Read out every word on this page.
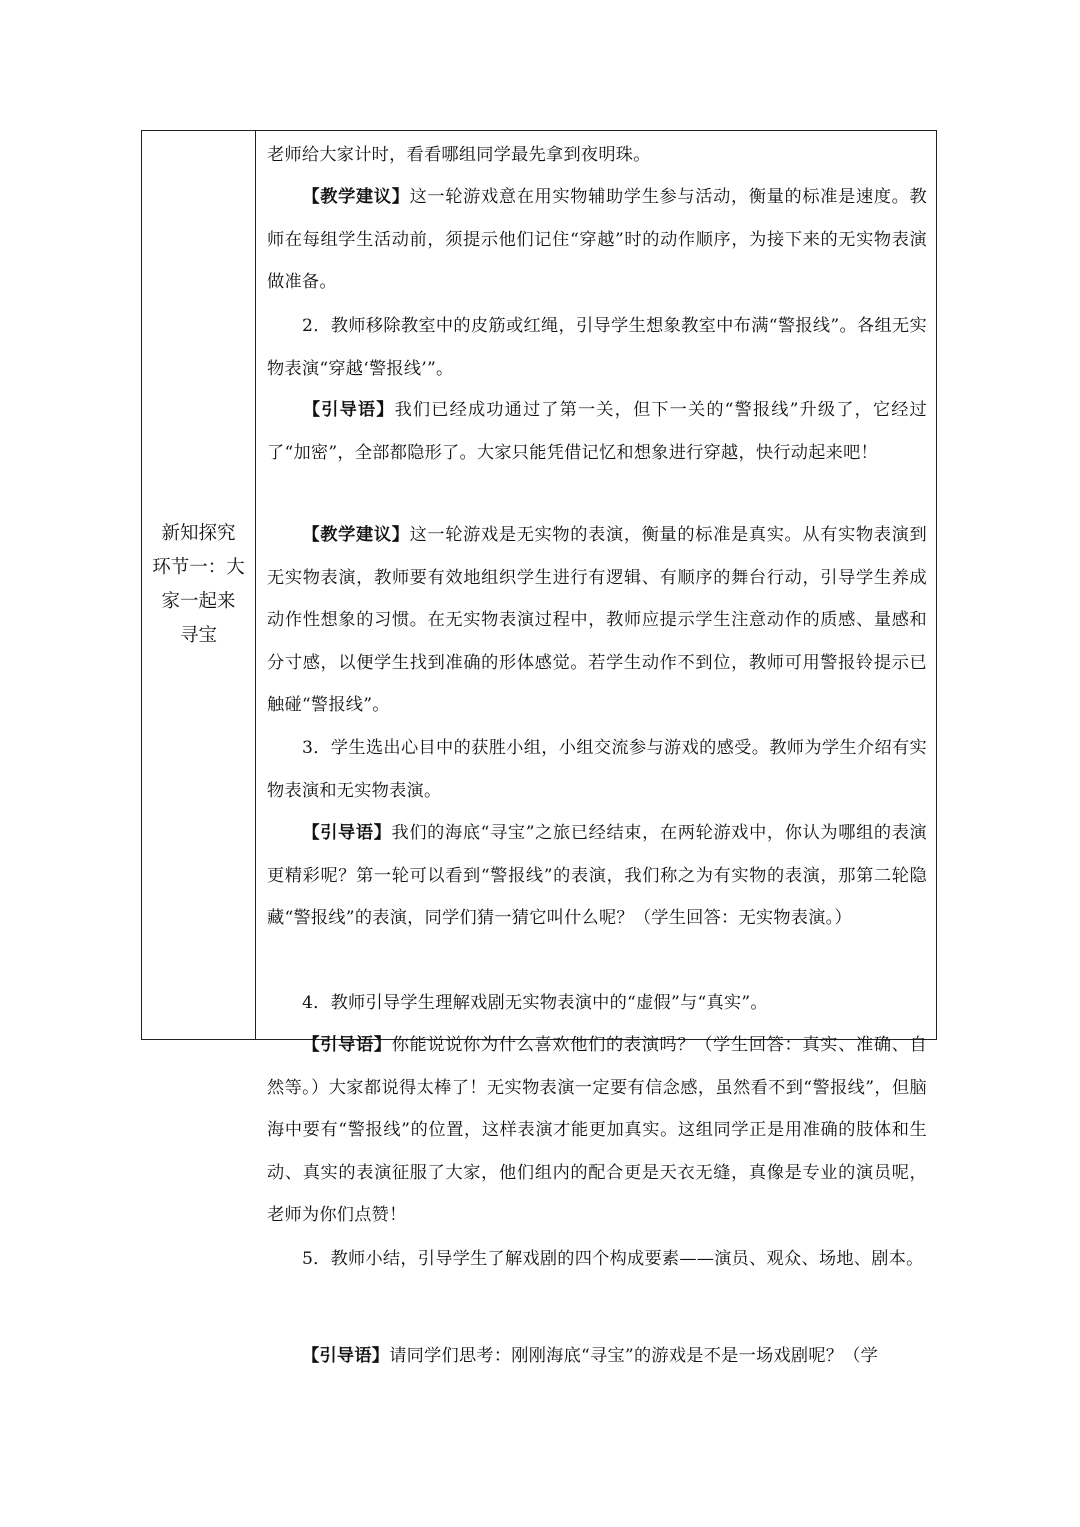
新知探究
环节一：大
家一起来
寻宝
老师给大家计时，看看哪组同学最先拿到夜明珠。
【教学建议】这一轮游戏意在用实物辅助学生参与活动，衡量的标准是速度。教师在每组学生活动前，须提示他们记住“穿越”时的动作顺序，为接下来的无实物表演做准备。
2．教师移除教室中的皮筋或红绳，引导学生想象教室中布满“警报线”。各组无实物表演“穿越‘警报线’”。
【引导语】我们已经成功通过了第一关，但下一关的“警报线”升级了，它经过了“加密”，全部都隐形了。大家只能凭借记忆和想象进行穿越，快行动起来吧！
【教学建议】这一轮游戏是无实物的表演，衡量的标准是真实。从有实物表演到无实物表演，教师要有效地组织学生进行有逻辑、有顺序的舞台行动，引导学生养成动作性想象的习惯。在无实物表演过程中，教师应提示学生注意动作的质感、量感和分寸感，以便学生找到准确的形体感觉。若学生动作不到位，教师可用警报铃提示已触碰“警报线”。
3．学生选出心目中的获胜小组，小组交流参与游戏的感受。教师为学生介绍有实物表演和无实物表演。
【引导语】我们的海底“寻宝”之旅已经结束，在两轮游戏中，你认为哪组的表演更精彩呢？第一轮可以看到“警报线”的表演，我们称之为有实物的表演，那第二轮隐藏“警报线”的表演，同学们猜一猜它叫什么呢？（学生回答：无实物表演。）
4．教师引导学生理解戏剧无实物表演中的“虚假”与“真实”。
【引导语】你能说说你为什么喜欢他们的表演吗？（学生回答：真实、准确、自然等。）大家都说得太棒了！无实物表演一定要有信念感，虽然看不到“警报线”，但脑海中要有“警报线”的位置，这样表演才能更加真实。这组同学正是用准确的肢体和生动、真实的表演征服了大家，他们组内的配合更是天衣无缝，真像是专业的演员呢，老师为你们点赞！
5．教师小结，引导学生了解戏剧的四个构成要素——演员、观众、场地、剧本。
【引导语】请同学们思考：刚刚海底“寻宝”的游戏是不是一场戏剧呢？（学
